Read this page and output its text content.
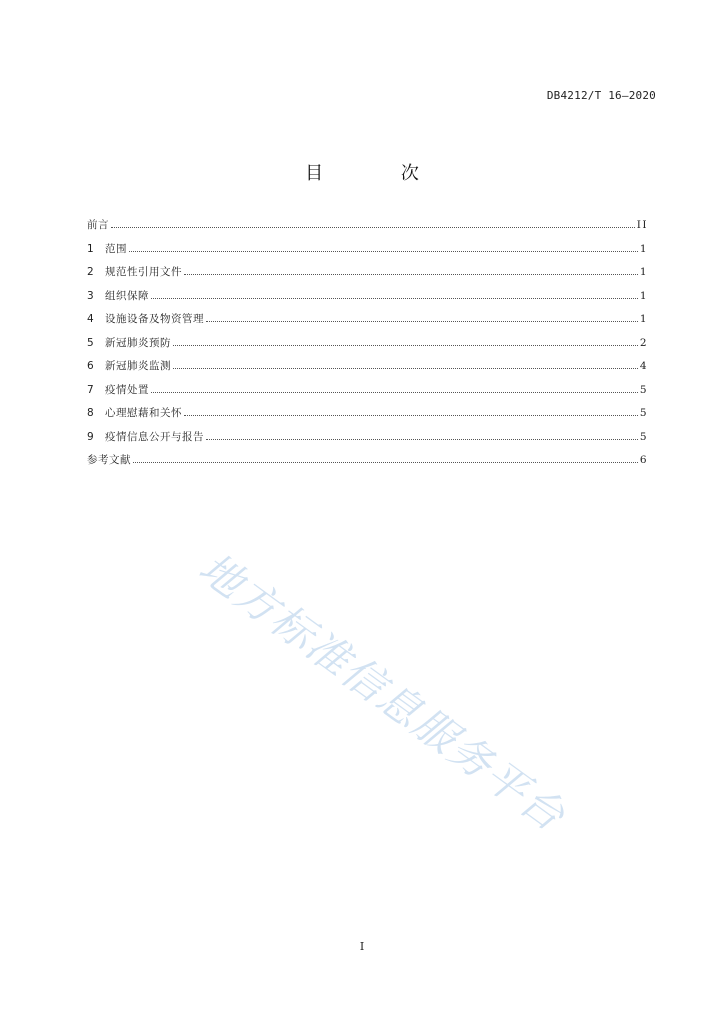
DB4212/T 16—2020
目 次
前言	II
1	范围	1
2	规范性引用文件	1
3	组织保障	1
4	设施设备及物资管理	1
5	新冠肺炎预防	2
6	新冠肺炎监测	4
7	疫情处置	5
8	心理慰藉和关怀	5
9	疫情信息公开与报告	5
参考文献	6
地方标准信息服务平台
I
